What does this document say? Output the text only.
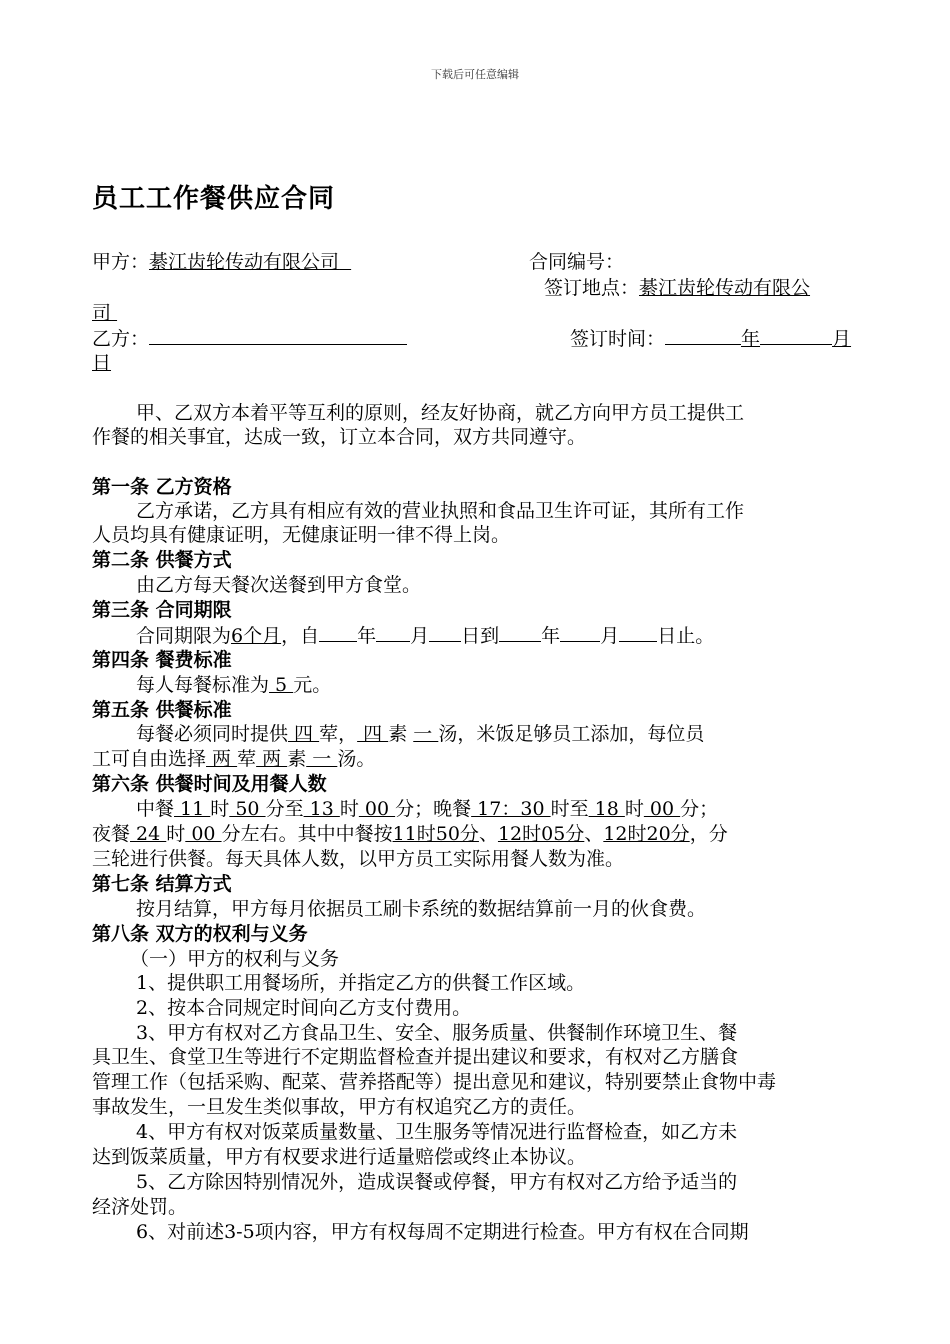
下载后可任意编辑
员工工作餐供应合同
甲方：綦江齿轮传动有限公司	合同编号：
签订地点：綦江齿轮传动有限公
司
乙方：	签订时间：	年	月
日
甲、乙双方本着平等互利的原则，经友好协商，就乙方向甲方员工提供工
作餐的相关事宜，达成一致，订立本合同，双方共同遵守。
第一条 乙方资格
乙方承诺，乙方具有相应有效的营业执照和食品卫生许可证，其所有工作
人员均具有健康证明，无健康证明一律不得上岗。
第二条 供餐方式
由乙方每天餐次送餐到甲方食堂。
第三条 合同期限
合同期限为6个月，自 年 月 日到 年 月 日止。
第四条 餐费标准
每人每餐标准为 5 元。
第五条 供餐标准
每餐必须同时提供 四 荤， 四 素 一 汤，米饭足够员工添加，每位员
工可自由选择 两 荤 两 素 一 汤。
第六条 供餐时间及用餐人数
中餐 11 时 50 分至 13 时 00 分；晚餐 17：30 时至 18 时 00 分；
夜餐 24 时 00 分左右。其中中餐按11时50分、12时05分、12时20分，分
三轮进行供餐。每天具体人数，以甲方员工实际用餐人数为准。
第七条 结算方式
按月结算，甲方每月依据员工刷卡系统的数据结算前一月的伙食费。
第八条 双方的权利与义务
（一）甲方的权利与义务
1、提供职工用餐场所，并指定乙方的供餐工作区域。
2、按本合同规定时间向乙方支付费用。
3、甲方有权对乙方食品卫生、安全、服务质量、供餐制作环境卫生、餐
具卫生、食堂卫生等进行不定期监督检查并提出建议和要求，有权对乙方膳食
管理工作（包括采购、配菜、营养搭配等）提出意见和建议，特别要禁止食物中毒
事故发生，一旦发生类似事故，甲方有权追究乙方的责任。
4、甲方有权对饭菜质量数量、卫生服务等情况进行监督检查，如乙方未
达到饭菜质量，甲方有权要求进行适量赔偿或终止本协议。
5、乙方除因特别情况外，造成误餐或停餐，甲方有权对乙方给予适当的
经济处罚。
6、对前述3-5项内容，甲方有权每周不定期进行检查。甲方有权在合同期
